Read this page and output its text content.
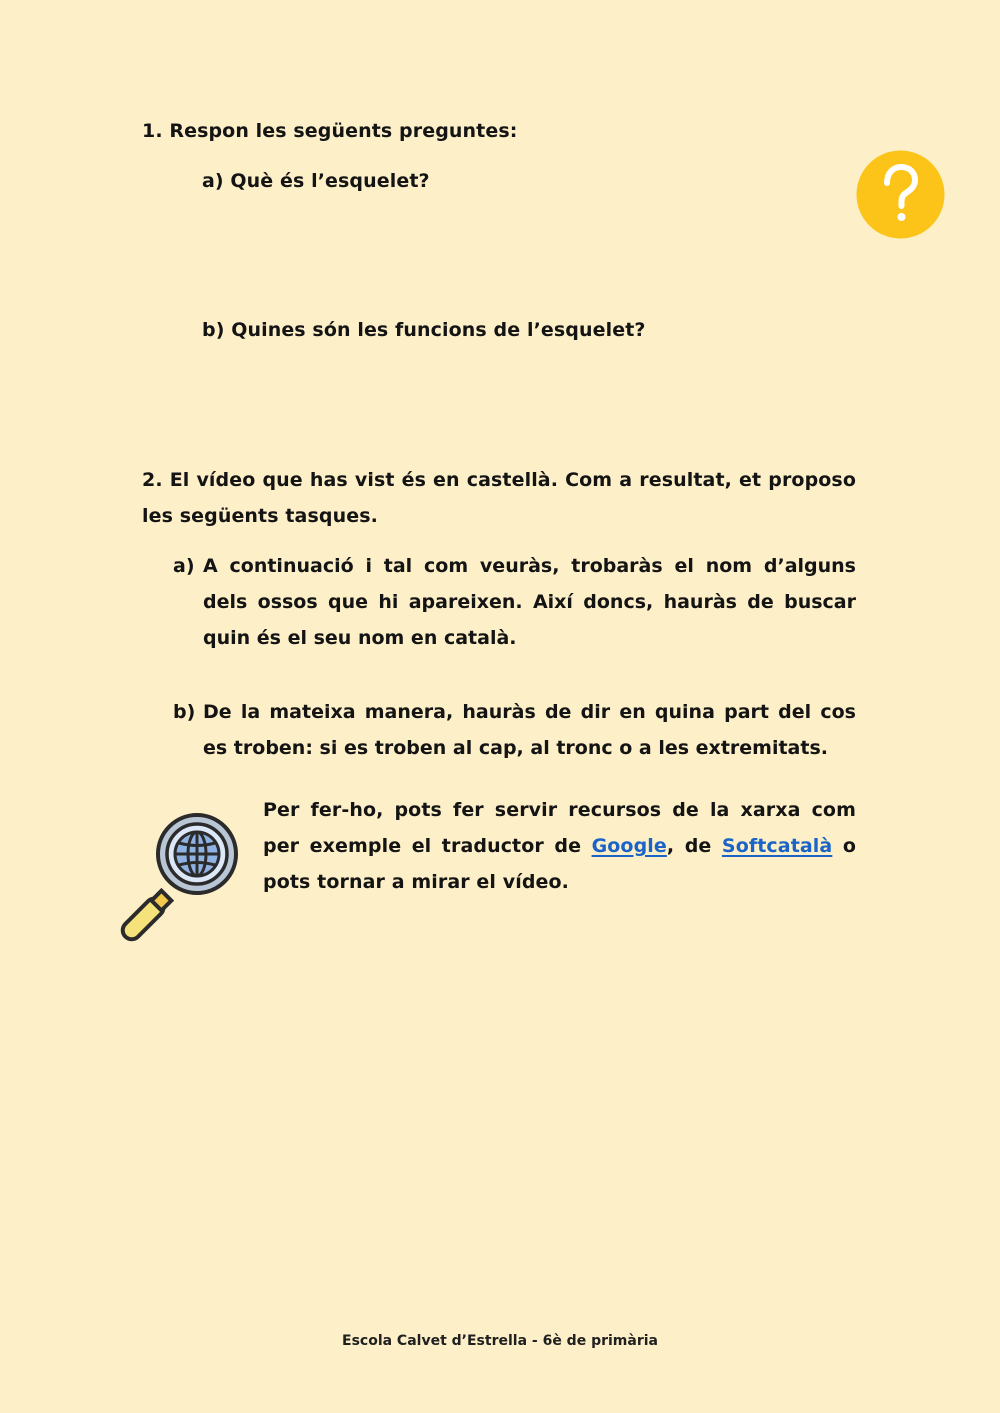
1. Respon les següents preguntes:
a) Què és l’esquelet?
b) Quines són les funcions de l’esquelet?
2. El vídeo que has vist és en castellà. Com a resultat, et proposo les següents tasques.
a) A continuació i tal com veuràs, trobaràs el nom d’alguns dels ossos que hi apareixen. Així doncs, hauràs de buscar quin és el seu nom en català.
b) De la mateixa manera, hauràs de dir en quina part del cos es troben: si es troben al cap, al tronc o a les extremitats.
Per fer-ho, pots fer servir recursos de la xarxa com per exemple el traductor de Google, de Softcatalà o pots tornar a mirar el vídeo.
Escola Calvet d’Estrella - 6è de primària
